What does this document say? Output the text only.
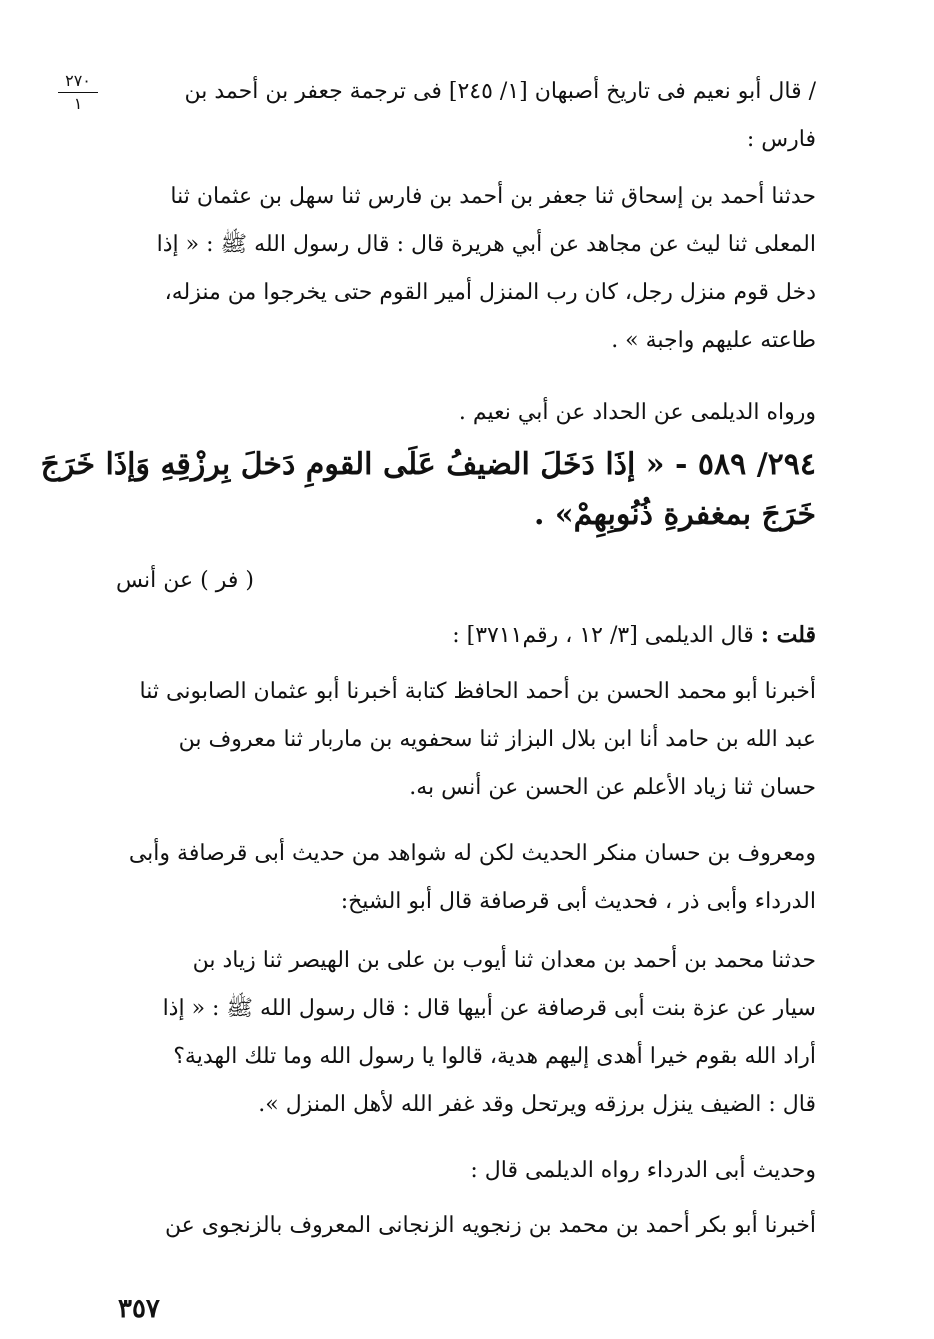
٢٧٠
١	/ قال أبو نعيم فى تاريخ أصبهان [١/ ٢٤٥] فى ترجمة جعفر بن أحمد بن
فارس :
حدثنا أحمد بن إسحاق ثنا جعفر بن أحمد بن فارس ثنا سهل بن عثمان ثنا
المعلى ثنا ليث عن مجاهد عن أبي هريرة قال : قال رسول الله ﷺ : « إذا
دخل قوم منزل رجل، كان رب المنزل أمير القوم حتى يخرجوا من منزله،
طاعته عليهم واجبة » .
ورواه الديلمى عن الحداد عن أبي نعيم .
٢٩٤/ ٥٨٩ - « إذَا دَخَلَ الضيفُ عَلَى القومِ دَخلَ بِرزْقِهِ وَإذَا خَرَجَ
خَرَجَ بمغفرةِ ذُنُوبِهِمْ» .
( فر ) عن أنس
قلت : قال الديلمى [٣/ ١٢ ، رقم٣٧١١] :
أخبرنا أبو محمد الحسن بن أحمد الحافظ كتابة أخبرنا أبو عثمان الصابونى ثنا
عبد الله بن حامد أنا ابن بلال البزاز ثنا سحفويه بن ماربار ثنا معروف بن
حسان ثنا زياد الأعلم عن الحسن عن أنس به.
ومعروف بن حسان منكر الحديث لكن له شواهد من حديث أبى قرصافة وأبى
الدرداء وأبى ذر ، فحديث أبى قرصافة قال أبو الشيخ:
حدثنا محمد بن أحمد بن معدان ثنا أيوب بن على بن الهيصر ثنا زياد بن
سيار عن عزة بنت أبى قرصافة عن أبيها قال : قال رسول الله ﷺ : « إذا
أراد الله بقوم خيرا أهدى إليهم هدية، قالوا يا رسول الله وما تلك الهدية؟
قال : الضيف ينزل برزقه ويرتحل وقد غفر الله لأهل المنزل ».
وحديث أبى الدرداء رواه الديلمى قال :
أخبرنا أبو بكر أحمد بن محمد بن زنجويه الزنجانى المعروف بالزنجوى عن
٣٥٧
